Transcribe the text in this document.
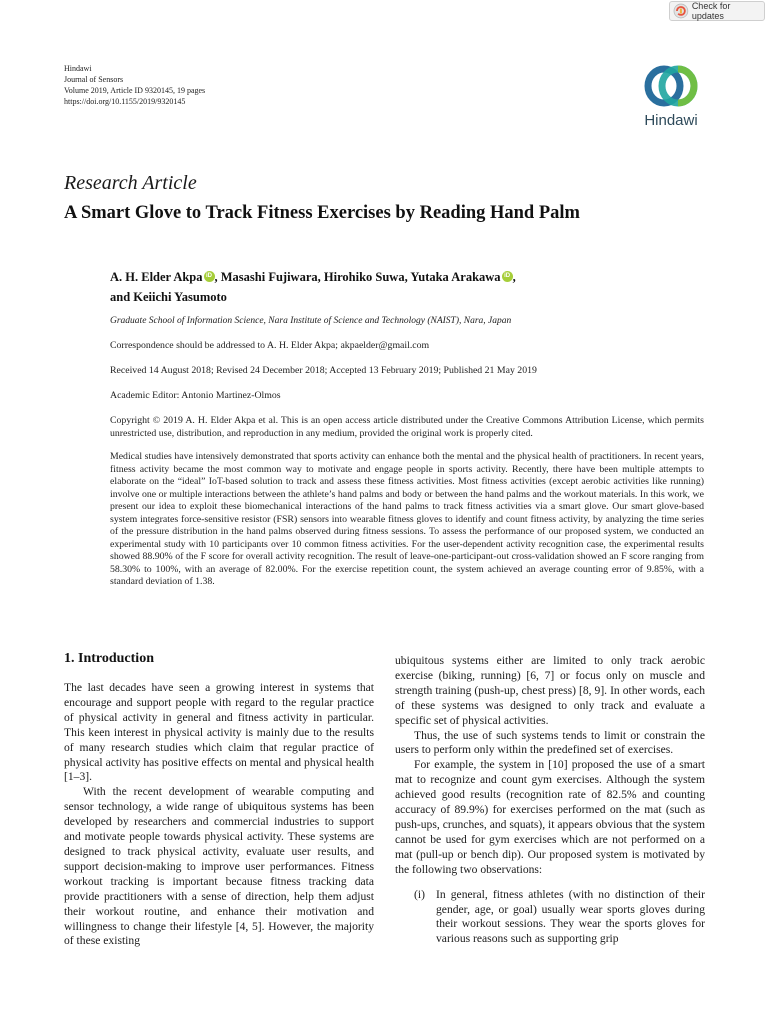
Check for updates
Hindawi
Journal of Sensors
Volume 2019, Article ID 9320145, 19 pages
https://doi.org/10.1155/2019/9320145
Hindawi
Research Article
A Smart Glove to Track Fitness Exercises by Reading Hand Palm
A. H. Elder Akpa iD , Masashi Fujiwara, Hirohiko Suwa, Yutaka Arakawa iD ,
and Keiichi Yasumoto
Graduate School of Information Science, Nara Institute of Science and Technology (NAIST), Nara, Japan
Correspondence should be addressed to A. H. Elder Akpa; akpaelder@gmail.com
Received 14 August 2018; Revised 24 December 2018; Accepted 13 February 2019; Published 21 May 2019
Academic Editor: Antonio Martinez-Olmos
Copyright © 2019 A. H. Elder Akpa et al. This is an open access article distributed under the Creative Commons Attribution License, which permits unrestricted use, distribution, and reproduction in any medium, provided the original work is properly cited.
Medical studies have intensively demonstrated that sports activity can enhance both the mental and the physical health of practitioners. In recent years, fitness activity became the most common way to motivate and engage people in sports activity. Recently, there have been multiple attempts to elaborate on the “ideal” IoT-based solution to track and assess these fitness activities. Most fitness activities (except aerobic activities like running) involve one or multiple interactions between the athlete’s hand palms and body or between the hand palms and the workout materials. In this work, we present our idea to exploit these biomechanical interactions of the hand palms to track fitness activities via a smart glove. Our smart glove-based system integrates force-sensitive resistor (FSR) sensors into wearable fitness gloves to identify and count fitness activity, by analyzing the time series of the pressure distribution in the hand palms observed during fitness sessions. To assess the performance of our proposed system, we conducted an experimental study with 10 participants over 10 common fitness activities. For the user-dependent activity recognition case, the experimental results showed 88.90% of the F score for overall activity recognition. The result of leave-one-participant-out cross-validation showed an F score ranging from 58.30% to 100%, with an average of 82.00%. For the exercise repetition count, the system achieved an average counting error of 9.85%, with a standard deviation of 1.38.
1. Introduction

The last decades have seen a growing interest in systems that encourage and support people with regard to the regular practice of physical activity in general and fitness activity in particular. This keen interest in physical activity is mainly due to the results of many research studies which claim that regular practice of physical activity has positive effects on mental and physical health [1–3].

With the recent development of wearable computing and sensor technology, a wide range of ubiquitous systems has been developed by researchers and commercial industries to support and motivate people towards physical activity. These systems are designed to track physical activity, evaluate user results, and support decision-making to improve user performances. Fitness workout tracking is important because fitness tracking data provide practitioners with a sense of direction, help them adjust their workout routine, and enhance their motivation and willingness to change their lifestyle [4, 5]. However, the majority of these existing

ubiquitous systems either are limited to only track aerobic exercise (biking, running) [6, 7] or focus only on muscle and strength training (push-up, chest press) [8, 9]. In other words, each of these systems was designed to only track and evaluate a specific set of physical activities.

Thus, the use of such systems tends to limit or constrain the users to perform only within the predefined set of exercises.

For example, the system in [10] proposed the use of a smart mat to recognize and count gym exercises. Although the system achieved good results (recognition rate of 82.5% and counting accuracy of 89.9%) for exercises performed on the mat (such as push-ups, crunches, and squats), it appears obvious that the system cannot be used for gym exercises which are not performed on a mat (pull-up or bench dip). Our proposed system is motivated by the following two observations:

(i) In general, fitness athletes (with no distinction of their gender, age, or goal) usually wear sports gloves during their workout sessions. They wear the sports gloves for various reasons such as supporting grip
